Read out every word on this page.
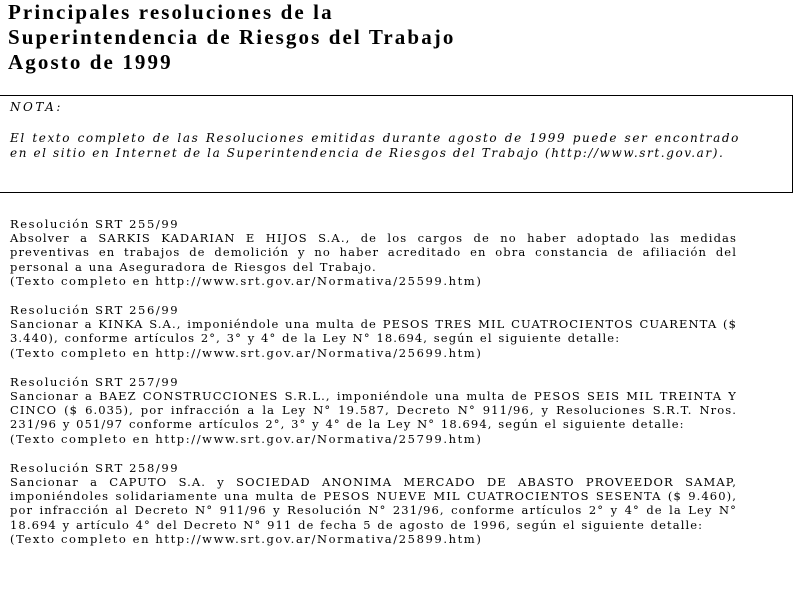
Principales resoluciones de la
Superintendencia de Riesgos del Trabajo
Agosto de 1999
NOTA:
El texto completo de las Resoluciones emitidas durante agosto de 1999 puede ser encontrado en el sitio en Internet de la Superintendencia de Riesgos del Trabajo (http://www.srt.gov.ar).
Resolución SRT 255/99
Absolver a SARKIS KADARIAN E HIJOS S.A., de los cargos de no haber adoptado las medidas preventivas en trabajos de demolición y no haber acreditado en obra constancia de afiliación del personal a una Aseguradora de Riesgos del Trabajo.
(Texto completo en http://www.srt.gov.ar/Normativa/25599.htm)
Resolución SRT 256/99
Sancionar a KINKA S.A., imponiéndole una multa de PESOS TRES MIL CUATROCIENTOS CUARENTA ($ 3.440), conforme artículos 2°, 3° y 4° de la Ley N° 18.694, según el siguiente detalle:
(Texto completo en http://www.srt.gov.ar/Normativa/25699.htm)
Resolución SRT 257/99
Sancionar a BAEZ CONSTRUCCIONES S.R.L., imponiéndole una multa de PESOS SEIS MIL TREINTA Y CINCO ($ 6.035), por infracción a la Ley N° 19.587, Decreto N° 911/96, y Resoluciones S.R.T. Nros. 231/96 y 051/97 conforme artículos 2°, 3° y 4° de la Ley N° 18.694, según el siguiente detalle:
(Texto completo en http://www.srt.gov.ar/Normativa/25799.htm)
Resolución SRT 258/99
Sancionar a CAPUTO S.A. y SOCIEDAD ANONIMA MERCADO DE ABASTO PROVEEDOR SAMAP, imponiéndoles solidariamente una multa de PESOS NUEVE MIL CUATROCIENTOS SESENTA ($ 9.460), por infracción al Decreto N° 911/96 y Resolución N° 231/96, conforme artículos 2° y 4° de la Ley N° 18.694 y artículo 4° del Decreto N° 911 de fecha 5 de agosto de 1996, según el siguiente detalle:
(Texto completo en http://www.srt.gov.ar/Normativa/25899.htm)
